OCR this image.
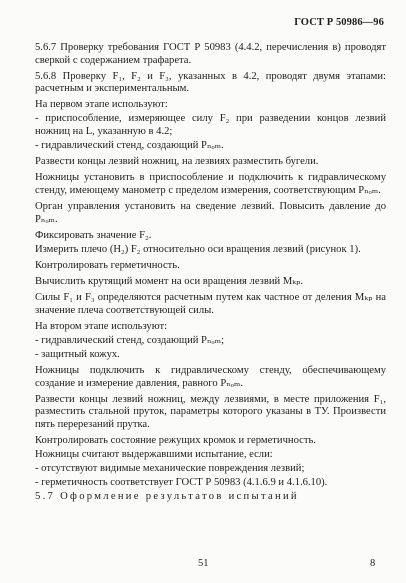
ГОСТ Р 50986—96

5.6.7 Проверку требования ГОСТ Р 50983 (4.4.2, перечисления в) проводят сверкой с содержанием трафарета.

5.6.8 Проверку F₁, F₂ и F₃, указанных в 4.2, проводят двумя этапами: расчетным и экспериментальным.

На первом этапе используют:

- приспособление, измеряющее силу F₂ при разведении концов лезвий ножниц на L, указанную в 4.2;

- гидравлический стенд, создающий Pₙₒₘ.

Развести концы лезвий ножниц, на лезвиях разместить бугели.

Ножницы установить в приспособление и подключить к гидравлическому стенду, имеющему манометр с пределом измерения, соответствующим Pₙₒₘ.

Орган управления установить на сведение лезвий. Повысить давление до Pₙₒₘ.

Фиксировать значение F₂.

Измерить плечо (H₂) F₂ относительно оси вращения лезвий (рисунок 1).

Контролировать герметичность.

Вычислить крутящий момент на оси вращения лезвий Mₖₚ.

Силы F₁ и F₃ определяются расчетным путем как частное от деления Mₖₚ на значение плеча соответствующей силы.

На втором этапе используют:

- гидравлический стенд, создающий Pₙₒₘ;

- защитный кожух.

Ножницы подключить к гидравлическому стенду, обеспечивающему создание и измерение давления, равного Pₙₒₘ.

Развести концы лезвий ножниц, между лезвиями, в месте приложения F₁, разместить стальной пруток, параметры которого указаны в ТУ. Произвести пять перерезаний прутка.

Контролировать состояние режущих кромок и герметичность.

Ножницы считают выдержавшими испытание, если:

- отсутствуют видимые механические повреждения лезвий;

- герметичность соответствует ГОСТ Р 50983 (4.1.6.9 и 4.1.6.10).

5.7 Оформление результатов испытаний

51	8
